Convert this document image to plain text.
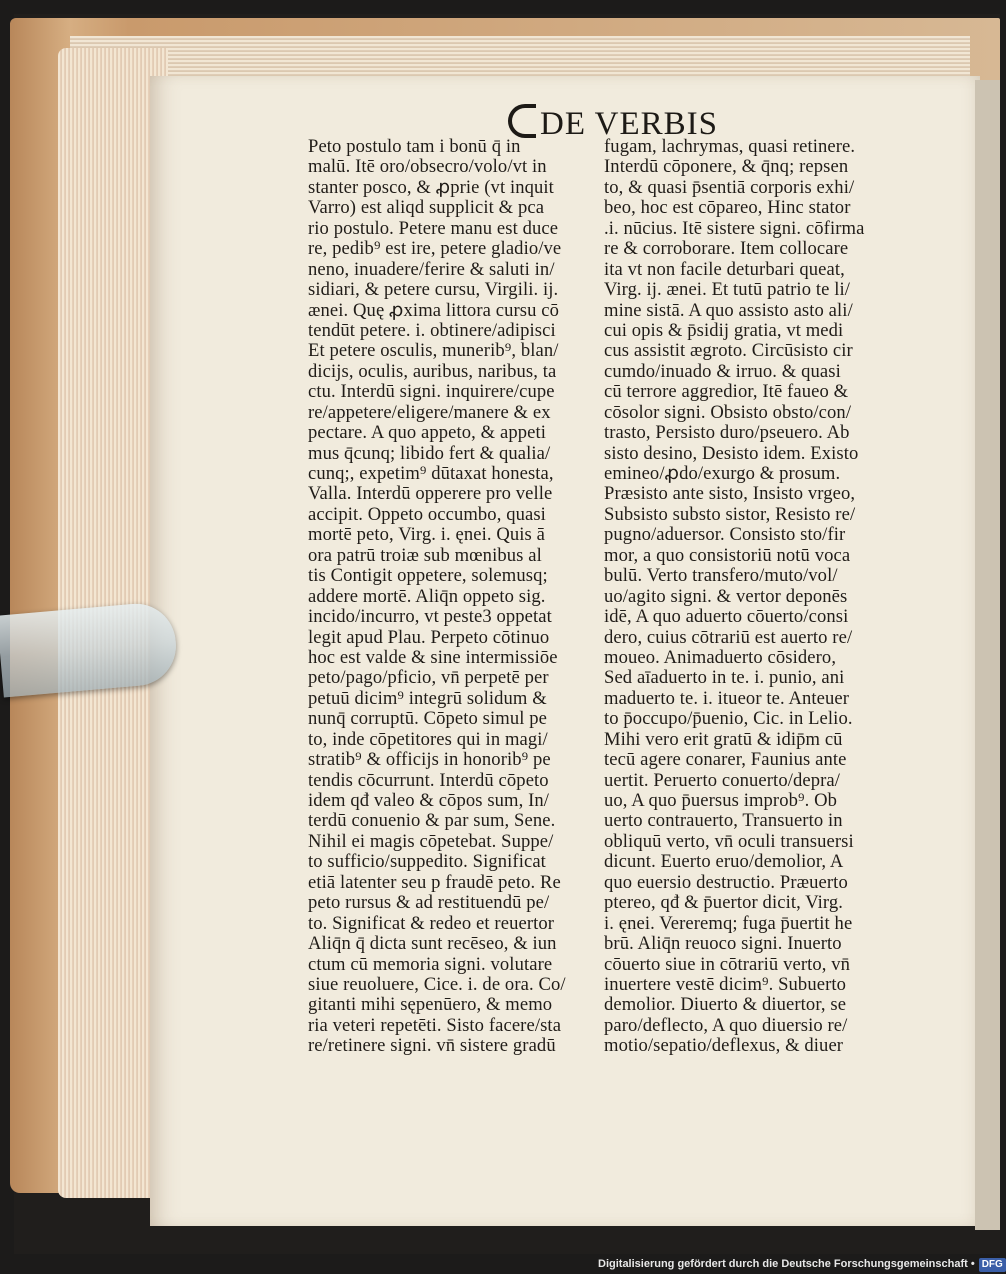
DE VERBIS
Peto postulo tam i bonū q̄ in
malū. Itē oro/obsecro/volo/vt in
stanter posco, & ꝓprie (vt inquit
Varro) est aliqd supplicit & pca
rio postulo. Petere manu est duce
re, pedib⁹ est ire, petere gladio/ve
neno, inuadere/ferire & saluti in/
sidiari, & petere cursu, Virgili. ij.
ænei. Quę ꝓxima littora cursu cō
tendūt petere. i. obtinere/adipisci
Et petere osculis, munerib⁹, blan/
dicijs, oculis, auribus, naribus, ta
ctu. Interdū signi. inquirere/cupe
re/appetere/eligere/manere & ex
pectare. A quo appeto, & appeti
mus q̄cunq; libido fert & qualia/
cunq;, expetim⁹ dūtaxat honesta,
Valla. Interdū opperere pro velle
accipit. Oppeto occumbo, quasi
mortē peto, Virg. i. ęnei. Quis ā
ora patrū troiæ sub mœnibus al
tis Contigit oppetere, solemusq;
addere mortē. Aliq̄n oppeto sig.
incido/incurro, vt peste3 oppetat
legit apud Plau. Perpeto cōtinuo
hoc est valde & sine intermissiōe
peto/pago/pficio, vn̄ perpetē per
petuū dicim⁹ integrū solidum &
nunq̄ corruptū. Cōpeto simul pe
to, inde cōpetitores qui in magi/
stratib⁹ & officijs in honorib⁹ pe
tendis cōcurrunt. Interdū cōpeto
idem qđ valeo & cōpos sum, In/
terdū conuenio & par sum, Sene.
Nihil ei magis cōpetebat. Suppe/
to sufficio/suppedito. Significat
etiā latenter seu p fraudē peto. Re
peto rursus & ad restituendū pe/
to. Significat & redeo et reuertor
Aliq̄n q̄ dicta sunt recēseo, & iun
ctum cū memoria signi. volutare
siue reuoluere, Cice. i. de ora. Co/
gitanti mihi sępenūero, & memo
ria veteri repetēti. Sisto facere/sta
re/retinere signi. vn̄ sistere gradū
fugam, lachrymas, quasi retinere.
Interdū cōponere, & q̄nq; repsen
to, & quasi p̄sentiā corporis exhi/
beo, hoc est cōpareo, Hinc stator
.i. nūcius. Itē sistere signi. cōfirma
re & corroborare. Item collocare
ita vt non facile deturbari queat,
Virg. ij. ænei. Et tutū patrio te li/
mine sistā. A quo assisto asto ali/
cui opis & p̄sidij gratia, vt medi
cus assistit ægroto. Circūsisto cir
cumdo/inuado & irruo. & quasi
cū terrore aggredior, Itē faueo &
cōsolor signi. Obsisto obsto/con/
trasto, Persisto duro/pseuero. Ab
sisto desino, Desisto idem. Existo
emineo/ꝓdo/exurgo & prosum.
Præsisto ante sisto, Insisto vrgeo,
Subsisto substo sistor, Resisto re/
pugno/aduersor. Consisto sto/fir
mor, a quo consistoriū notū voca
bulū. Verto transfero/muto/vol/
uo/agito signi. & vertor deponēs
idē, A quo aduerto cōuerto/consi
dero, cuius cōtrariū est auerto re/
moueo. Animaduerto cōsidero,
Sed aīaduerto in te. i. punio, ani
maduerto te. i. itueor te. Anteuer
to p̄occupo/p̄uenio, Cic. in Lelio.
Mihi vero erit gratū & idip̄m cū
tecū agere conarer, Faunius ante
uertit. Peruerto conuerto/depra/
uo, A quo p̄uersus improb⁹. Ob
uerto contrauerto, Transuerto in
obliquū verto, vn̄ oculi transuersi
dicunt. Euerto eruo/demolior, A
quo euersio destructio. Præuerto
ptereo, qđ & p̄uertor dicit, Virg.
i. ęnei. Vereremq; fuga p̄uertit he
brū. Aliq̄n reuoco signi. Inuerto
cōuerto siue in cōtrariū verto, vn̄
inuertere vestē dicim⁹. Subuerto
demolior. Diuerto & diuertor, se
paro/deflecto, A quo diuersio re/
motio/sepatio/deflexus, & diuer
Digitalisierung gefördert durch die Deutsche Forschungsgemeinschaft • DFG
